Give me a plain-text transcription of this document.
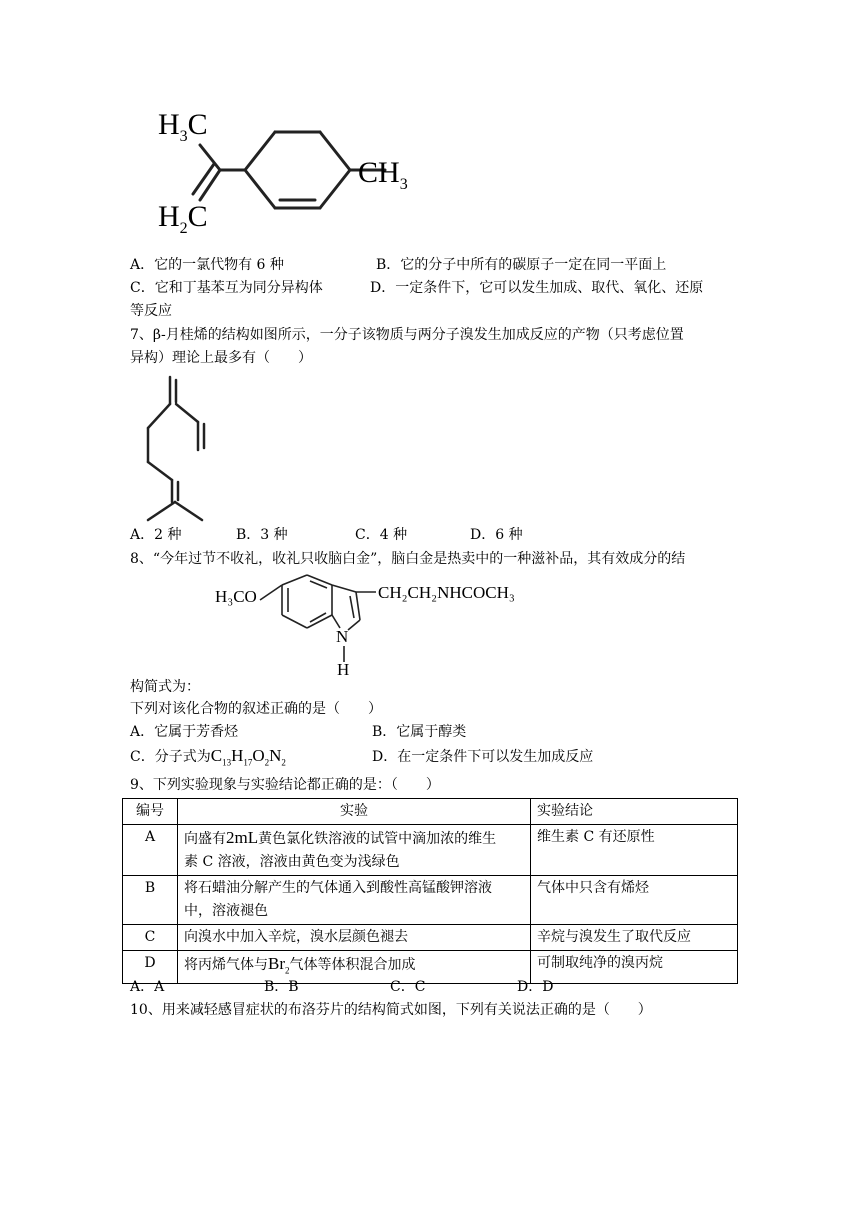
$H_3C$
$CH_3$
$H_2C$
A．它的一氯代物有 6 种	B．它的分子中所有的碳原子一定在同一平面上
C．它和丁基苯互为同分异构体	D．一定条件下，它可以发生加成、取代、氧化、还原
等反应
7、β-月桂烯的结构如图所示，一分子该物质与两分子溴发生加成反应的产物（只考虑位置
异构）理论上最多有（　　）
A．2 种	B．3 种	C．4 种	D．6 种
8、“今年过节不收礼，收礼只收脑白金”，脑白金是热卖中的一种滋补品，其有效成分的结
H₃CO	CH₂CH₂NHCOCH₃
N
H
构简式为：
下列对该化合物的叙述正确的是（　　）
A．它属于芳香烃	B．它属于醇类
C．分子式为$C_{13}H_{17}O_2N_2$	D．在一定条件下可以发生加成反应
9、下列实验现象与实验结论都正确的是：（　　）
编号	实验	实验结论
A	向盛有2mL黄色氯化铁溶液的试管中滴加浓的维生
素 C 溶液，溶液由黄色变为浅绿色	维生素 C 有还原性
B	将石蜡油分解产生的气体通入到酸性高锰酸钾溶液
中，溶液褪色	气体中只含有烯烃
C	向溴水中加入辛烷，溴水层颜色褪去	辛烷与溴发生了取代反应
D	将丙烯气体与$Br_2$气体等体积混合加成	可制取纯净的溴丙烷
A．A	B．B	C．C	D．D
10、用来减轻感冒症状的布洛芬片的结构简式如图，下列有关说法正确的是（　　）
